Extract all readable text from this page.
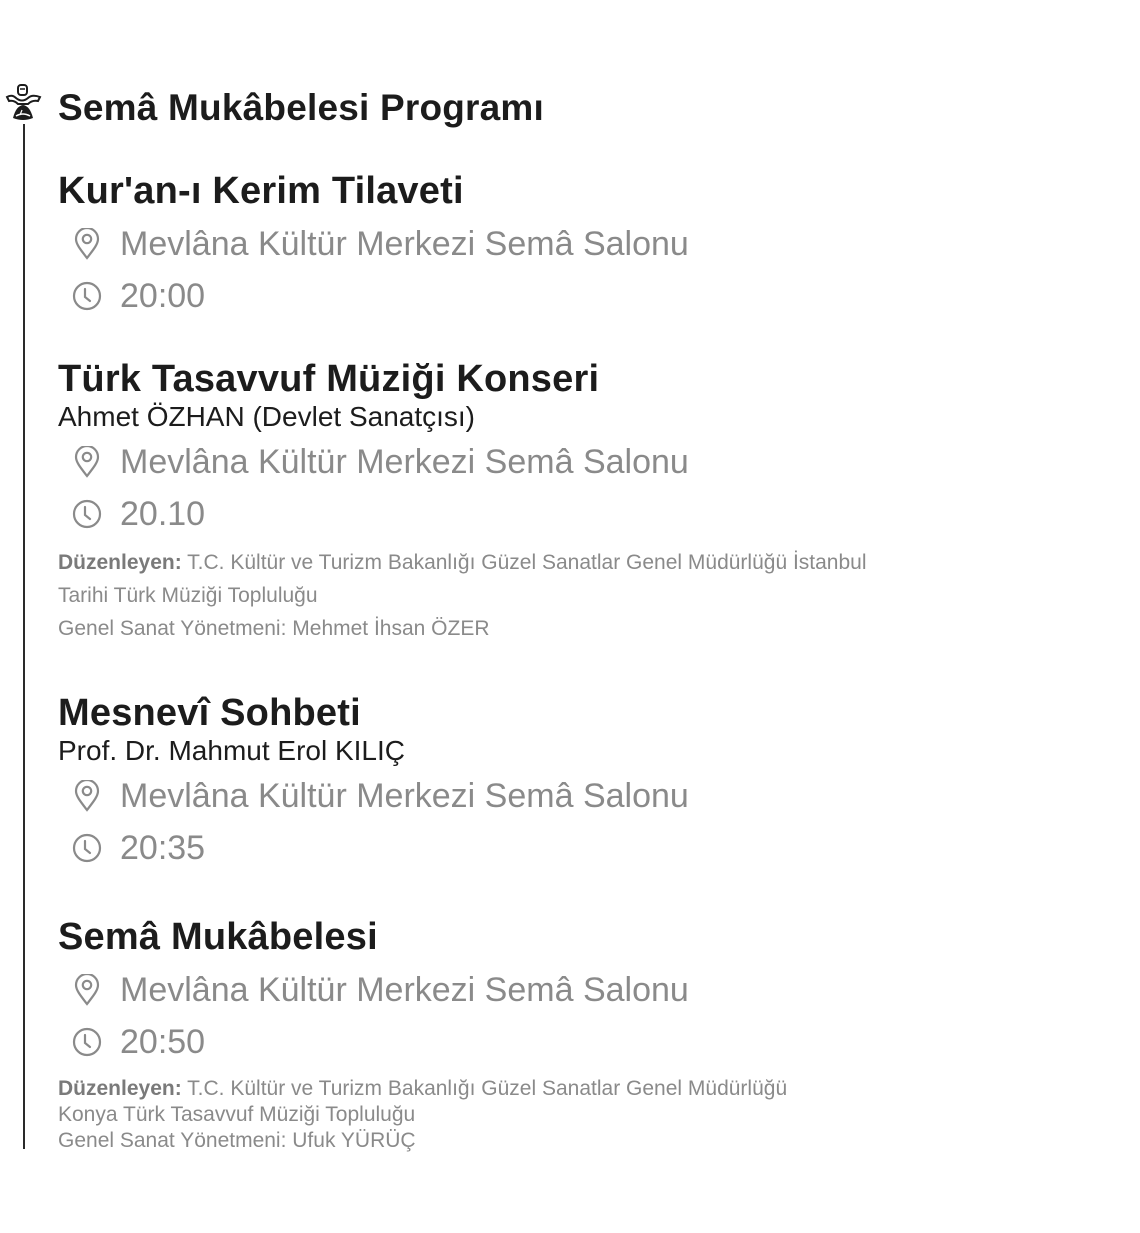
Semâ Mukâbelesi Programı
Kur'an-ı Kerim Tilaveti
Mevlâna Kültür Merkezi Semâ Salonu
20:00
Türk Tasavvuf Müziği Konseri
Ahmet ÖZHAN (Devlet Sanatçısı)
Mevlâna Kültür Merkezi Semâ Salonu
20.10
Düzenleyen: T.C. Kültür ve Turizm Bakanlığı Güzel Sanatlar Genel Müdürlüğü İstanbul
Tarihi Türk Müziği Topluluğu
Genel Sanat Yönetmeni: Mehmet İhsan ÖZER
Mesnevî Sohbeti
Prof. Dr. Mahmut Erol KILIÇ
Mevlâna Kültür Merkezi Semâ Salonu
20:35
Semâ Mukâbelesi
Mevlâna Kültür Merkezi Semâ Salonu
20:50
Düzenleyen: T.C. Kültür ve Turizm Bakanlığı Güzel Sanatlar Genel Müdürlüğü
Konya Türk Tasavvuf Müziği Topluluğu
Genel Sanat Yönetmeni: Ufuk YÜRÜÇ
